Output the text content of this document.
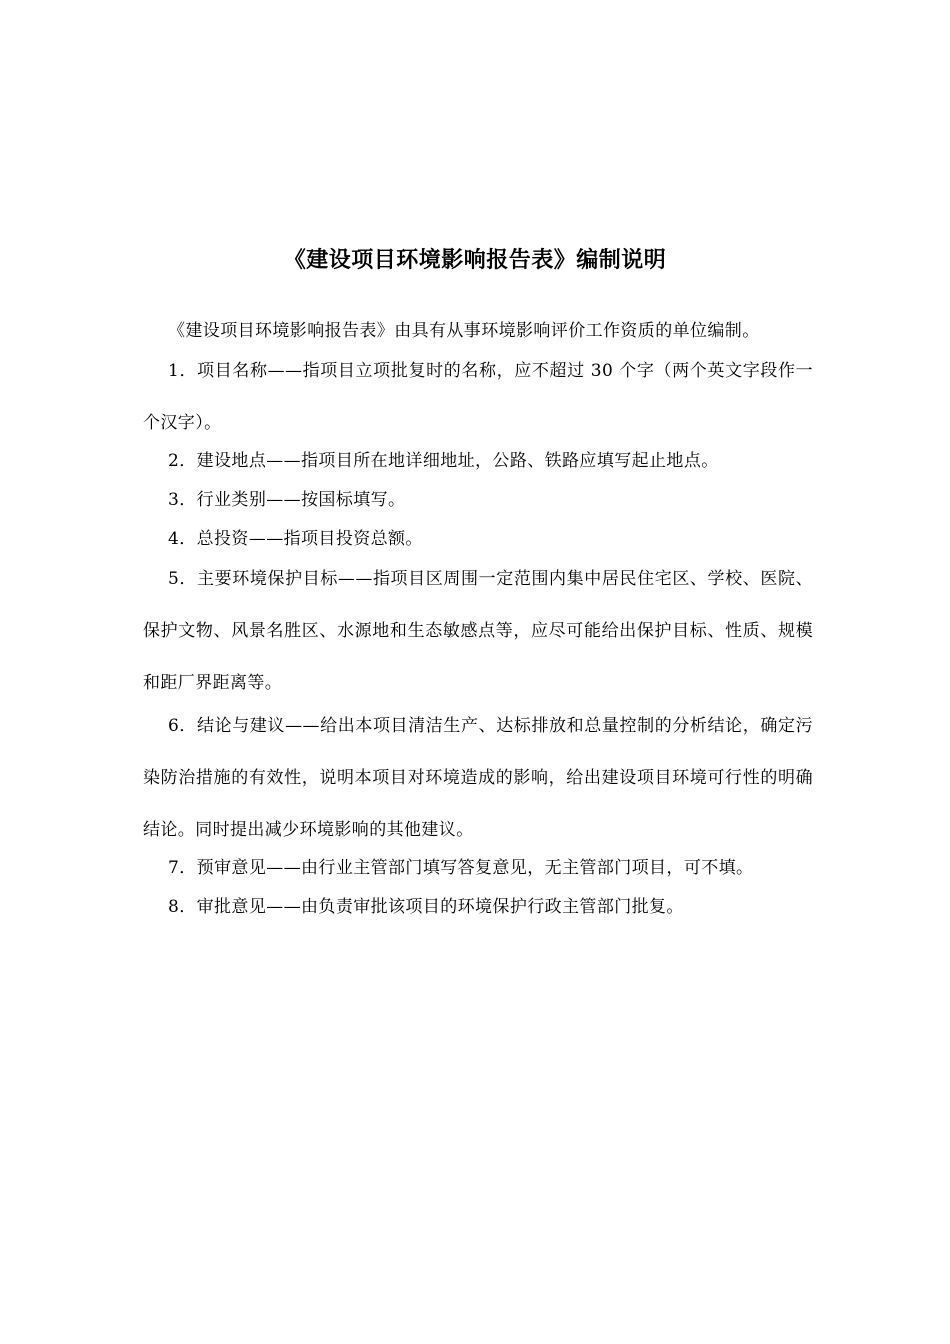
《建设项目环境影响报告表》编制说明

《建设项目环境影响报告表》由具有从事环境影响评价工作资质的单位编制。

1．项目名称——指项目立项批复时的名称，应不超过 30 个字（两个英文字段作一个汉字）。

2．建设地点——指项目所在地详细地址，公路、铁路应填写起止地点。

3．行业类别——按国标填写。

4．总投资——指项目投资总额。

5．主要环境保护目标——指项目区周围一定范围内集中居民住宅区、学校、医院、保护文物、风景名胜区、水源地和生态敏感点等，应尽可能给出保护目标、性质、规模和距厂界距离等。

6．结论与建议——给出本项目清洁生产、达标排放和总量控制的分析结论，确定污染防治措施的有效性，说明本项目对环境造成的影响，给出建设项目环境可行性的明确结论。同时提出减少环境影响的其他建议。

7．预审意见——由行业主管部门填写答复意见，无主管部门项目，可不填。

8．审批意见——由负责审批该项目的环境保护行政主管部门批复。
